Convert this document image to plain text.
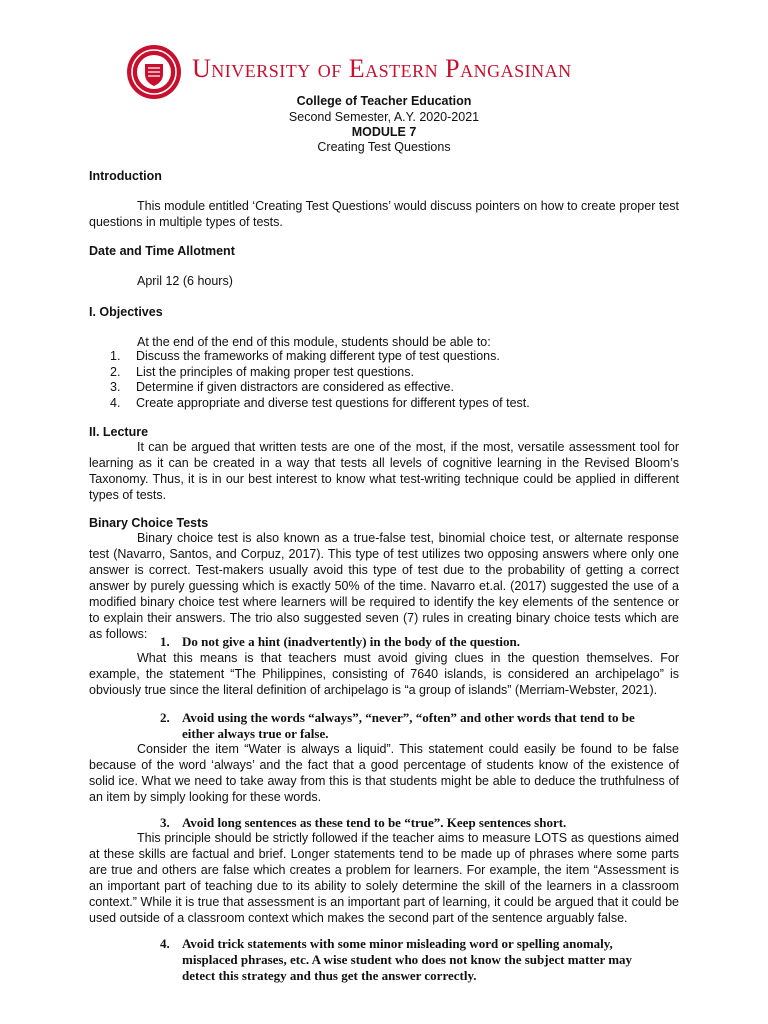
University of Eastern Pangasinan
College of Teacher Education
Second Semester, A.Y. 2020-2021
MODULE 7
Creating Test Questions
Introduction
This module entitled ‘Creating Test Questions’ would discuss pointers on how to create proper test questions in multiple types of tests.
Date and Time Allotment
April 12 (6 hours)
I. Objectives
At the end of the end of this module, students should be able to:
1. Discuss the frameworks of making different type of test questions.
2. List the principles of making proper test questions.
3. Determine if given distractors are considered as effective.
4. Create appropriate and diverse test questions for different types of test.
II. Lecture
It can be argued that written tests are one of the most, if the most, versatile assessment tool for learning as it can be created in a way that tests all levels of cognitive learning in the Revised Bloom’s Taxonomy. Thus, it is in our best interest to know what test-writing technique could be applied in different types of tests.
Binary Choice Tests
Binary choice test is also known as a true-false test, binomial choice test, or alternate response test (Navarro, Santos, and Corpuz, 2017). This type of test utilizes two opposing answers where only one answer is correct. Test-makers usually avoid this type of test due to the probability of getting a correct answer by purely guessing which is exactly 50% of the time. Navarro et.al. (2017) suggested the use of a modified binary choice test where learners will be required to identify the key elements of the sentence or to explain their answers. The trio also suggested seven (7) rules in creating binary choice tests which are as follows: 1. Do not give a hint (inadvertently) in the body of the question.
What this means is that teachers must avoid giving clues in the question themselves. For example, the statement “The Philippines, consisting of 7640 islands, is considered an archipelago” is obviously true since the literal definition of archipelago is “a group of islands” (Merriam-Webster, 2021).
2. Avoid using the words “always”, “never”, “often” and other words that tend to be either always true or false.
Consider the item “Water is always a liquid”. This statement could easily be found to be false because of the word ‘always’ and the fact that a good percentage of students know of the existence of solid ice. What we need to take away from this is that students might be able to deduce the truthfulness of an item by simply looking for these words.
3. Avoid long sentences as these tend to be “true”. Keep sentences short.
This principle should be strictly followed if the teacher aims to measure LOTS as questions aimed at these skills are factual and brief. Longer statements tend to be made up of phrases where some parts are true and others are false which creates a problem for learners. For example, the item “Assessment is an important part of teaching due to its ability to solely determine the skill of the learners in a classroom context.” While it is true that assessment is an important part of learning, it could be argued that it could be used outside of a classroom context which makes the second part of the sentence arguably false.
4. Avoid trick statements with some minor misleading word or spelling anomaly, misplaced phrases, etc. A wise student who does not know the subject matter may detect this strategy and thus get the answer correctly.
